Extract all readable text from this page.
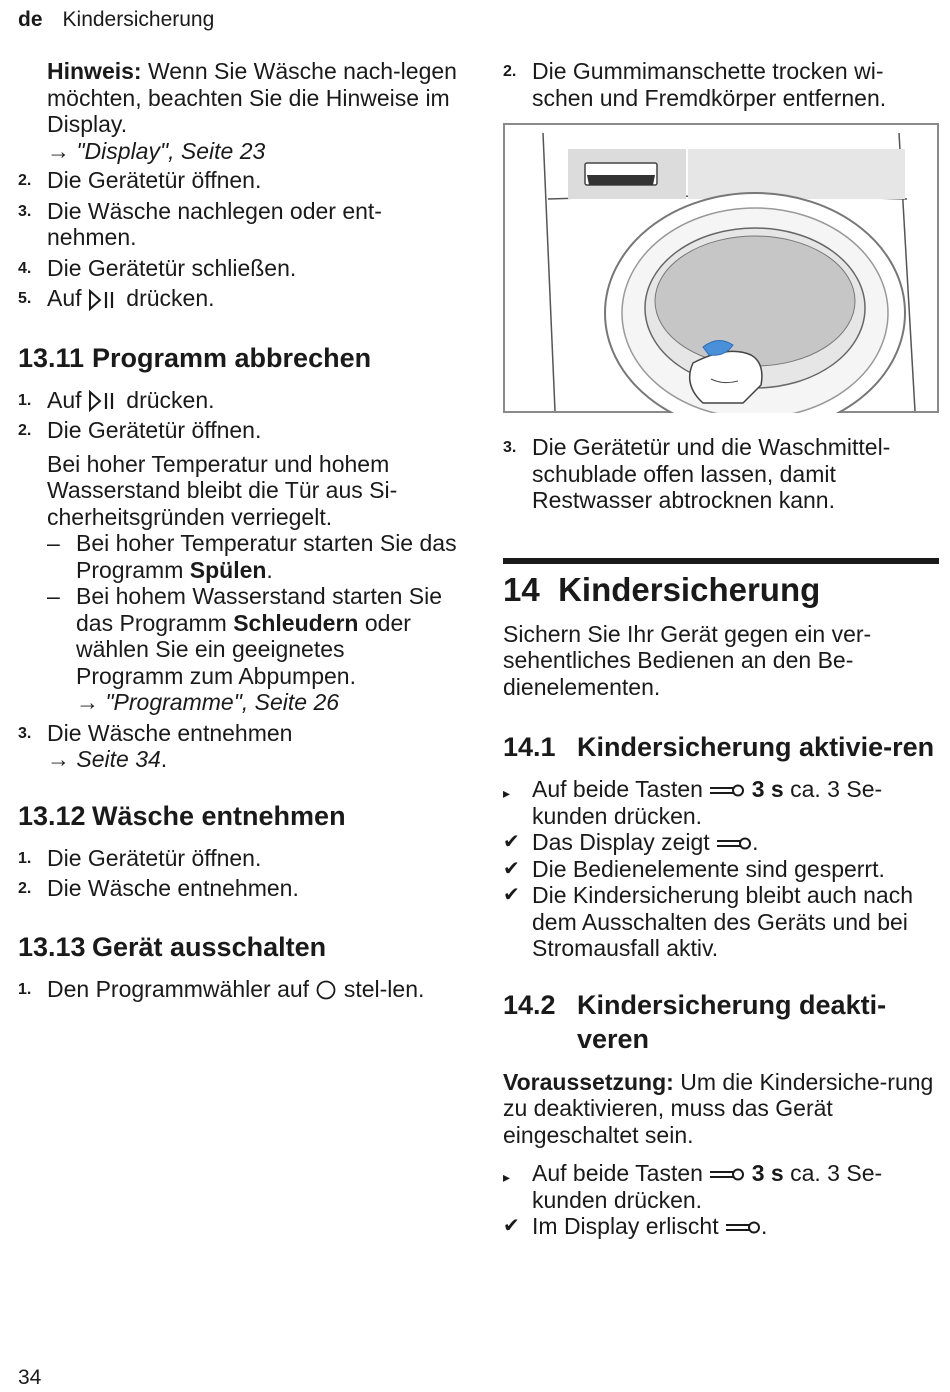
de Kindersicherung

Hinweis: Wenn Sie Wäsche nach-legen möchten, beachten Sie die Hinweise im Display.

→ "Display", Seite 23

2. Die Gerätetür öffnen.
3. Die Wäsche nachlegen oder ent-nehmen.
4. Die Gerätetür schließen.
5. Auf  drücken.
13.11 Programm abbrechen
1. Auf  drücken.
2. Die Gerätetür öffnen.

Bei hoher Temperatur und hohem Wasserstand bleibt die Tür aus Si-cherheitsgründen verriegelt.

– Bei hoher Temperatur starten Sie das Programm Spülen.
– Bei hohem Wasserstand starten Sie das Programm Schleudern oder wählen Sie ein geeignetes Programm zum Abpumpen.

→ "Programme", Seite 26

3. Die Wäsche entnehmen
→ Seite 34.
13.12 Wäsche entnehmen
1. Die Gerätetür öffnen.
2. Die Wäsche entnehmen.
13.13 Gerät ausschalten
1. Den Programmwähler auf  stel-len.
2. Die Gummimanschette trocken wi-schen und Fremdkörper entfernen.
3. Die Gerätetür und die Waschmittel-schublade offen lassen, damit Restwasser abtrocknen kann.
14 Kindersicherung

Sichern Sie Ihr Gerät gegen ein ver-sehentliches Bedienen an den Be-dienelementen.

14.1 Kindersicherung aktivie-ren
▸ Auf beide Tasten  3 s ca. 3 Se-kunden drücken.
✔ Das Display zeigt .
✔ Die Bedienelemente sind gesperrt.
✔ Die Kindersicherung bleibt auch nach dem Ausschalten des Geräts und bei Stromausfall aktiv.
14.2 Kindersicherung deakti-veren

Voraussetzung: Um die Kindersiche-rung zu deaktivieren, muss das Gerät eingeschaltet sein.

▸ Auf beide Tasten  3 s ca. 3 Se-kunden drücken.
✔ Im Display erlischt .
34
